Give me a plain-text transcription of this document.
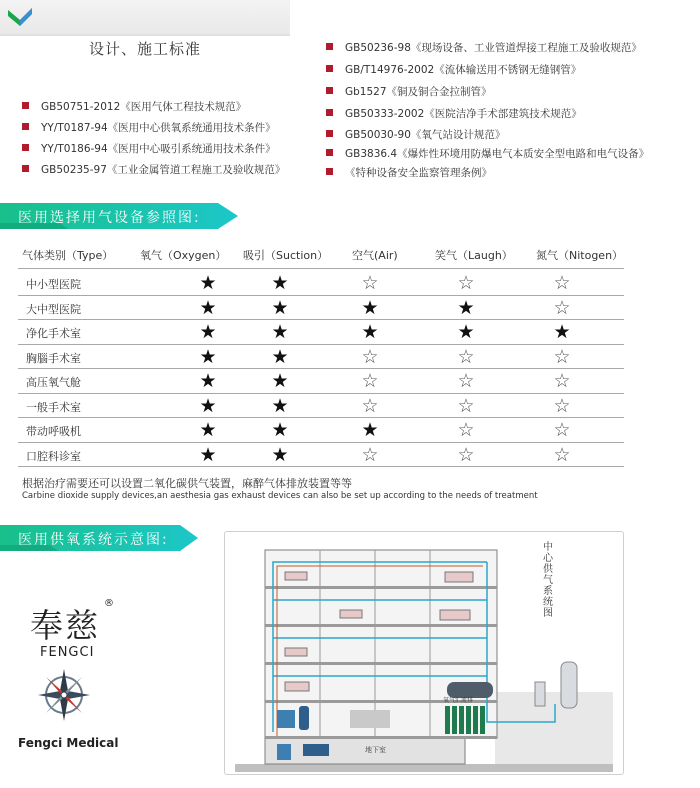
设计、施工标准
GB50751-2012《医用气体工程技术规范》
YY/T0187-94《医用中心供氧系统通用技术条件》
YY/T0186-94《医用中心吸引系统通用技术条件》
GB50235-97《工业金属管道工程施工及验收规范》
GB50236-98《现场设备、工业管道焊接工程施工及验收规范》
GB/T14976-2002《流体输送用不锈钢无缝钢管》
Gb1527《铜及铜合金拉制管》
GB50333-2002《医院洁净手术部建筑技术规范》
GB50030-90《氧气站设计规范》
GB3836.4《爆炸性环境用防爆电气本质安全型电路和电气设备》
《特种设备安全监察管理条例》
医用选择用气设备参照图:
气体类别（Type） 氧气（Oxygen） 吸引（Suction） 空气(Air)	笑气（Laugh） 氮气（Nitogen）
中小型医院	★	★	☆	☆	☆
大中型医院	★	★	★	★	☆
净化手术室	★	★	★	★	★
胸腦手术室	★	★	☆	☆	☆
高压氧气舱	★	★	☆	☆	☆
一般手术室	★	★	☆	☆	☆
带动呼吸机	★	★	★	☆	☆
口腔科诊室	★	★	☆	☆	☆
根据治疗需要还可以设置二氧化碳供气装置，麻醉气体排放装置等等
Carbine dioxide supply devices,an aesthesia gas exhaust devices can also be set up according to the needs of treatment
医用供氧系统示意图:
奉慈
®
FENGCI
Fengci Medical
中心供气系统图
地下室
氧气汇流排
